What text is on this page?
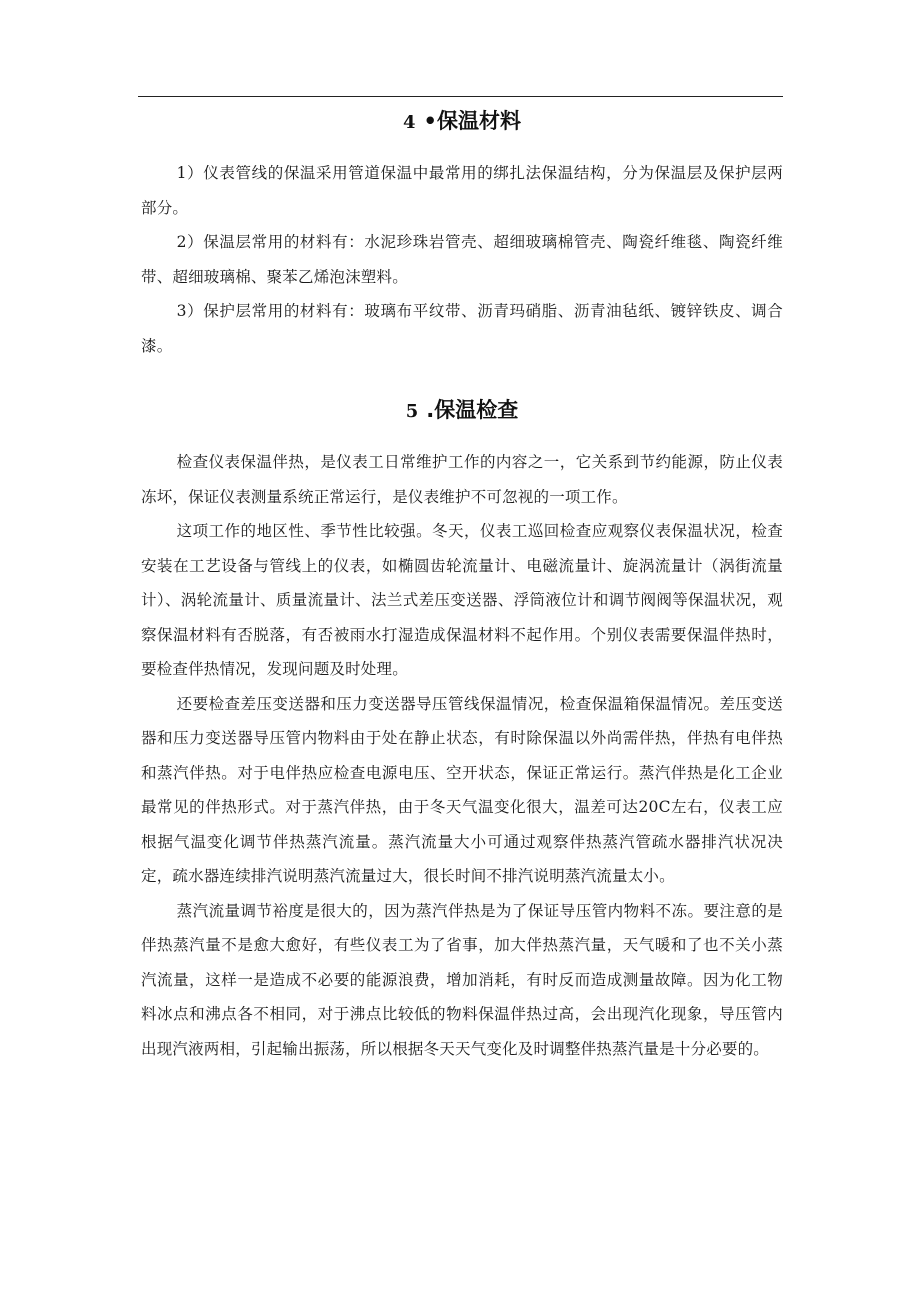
4 •保温材料

1）仪表管线的保温采用管道保温中最常用的绑扎法保温结构，分为保温层及保护层两部分。

2）保温层常用的材料有：水泥珍珠岩管壳、超细玻璃棉管壳、陶瓷纤维毯、陶瓷纤维带、超细玻璃棉、聚苯乙烯泡沫塑料。

3）保护层常用的材料有：玻璃布平纹带、沥青玛硝脂、沥青油毡纸、镀锌铁皮、调合漆。

5 .保温检查

检查仪表保温伴热，是仪表工日常维护工作的内容之一，它关系到节约能源，防止仪表冻坏，保证仪表测量系统正常运行，是仪表维护不可忽视的一项工作。

这项工作的地区性、季节性比较强。冬天，仪表工巡回检查应观察仪表保温状况，检查安装在工艺设备与管线上的仪表，如椭圆齿轮流量计、电磁流量计、旋涡流量计（涡街流量计）、涡轮流量计、质量流量计、法兰式差压变送器、浮筒液位计和调节阀阀等保温状况，观察保温材料有否脱落，有否被雨水打湿造成保温材料不起作用。个别仪表需要保温伴热时，要检查伴热情况，发现问题及时处理。

还要检查差压变送器和压力变送器导压管线保温情况，检查保温箱保温情况。差压变送器和压力变送器导压管内物料由于处在静止状态，有时除保温以外尚需伴热，伴热有电伴热和蒸汽伴热。对于电伴热应检查电源电压、空开状态，保证正常运行。蒸汽伴热是化工企业最常见的伴热形式。对于蒸汽伴热，由于冬天气温变化很大，温差可达20C左右，仪表工应根据气温变化调节伴热蒸汽流量。蒸汽流量大小可通过观察伴热蒸汽管疏水器排汽状况决定，疏水器连续排汽说明蒸汽流量过大，很长时间不排汽说明蒸汽流量太小。

蒸汽流量调节裕度是很大的，因为蒸汽伴热是为了保证导压管内物料不冻。要注意的是伴热蒸汽量不是愈大愈好，有些仪表工为了省事，加大伴热蒸汽量，天气暖和了也不关小蒸汽流量，这样一是造成不必要的能源浪费，增加消耗，有时反而造成测量故障。因为化工物料冰点和沸点各不相同，对于沸点比较低的物料保温伴热过高，会出现汽化现象，导压管内出现汽液两相，引起输出振荡，所以根据冬天天气变化及时调整伴热蒸汽量是十分必要的。
